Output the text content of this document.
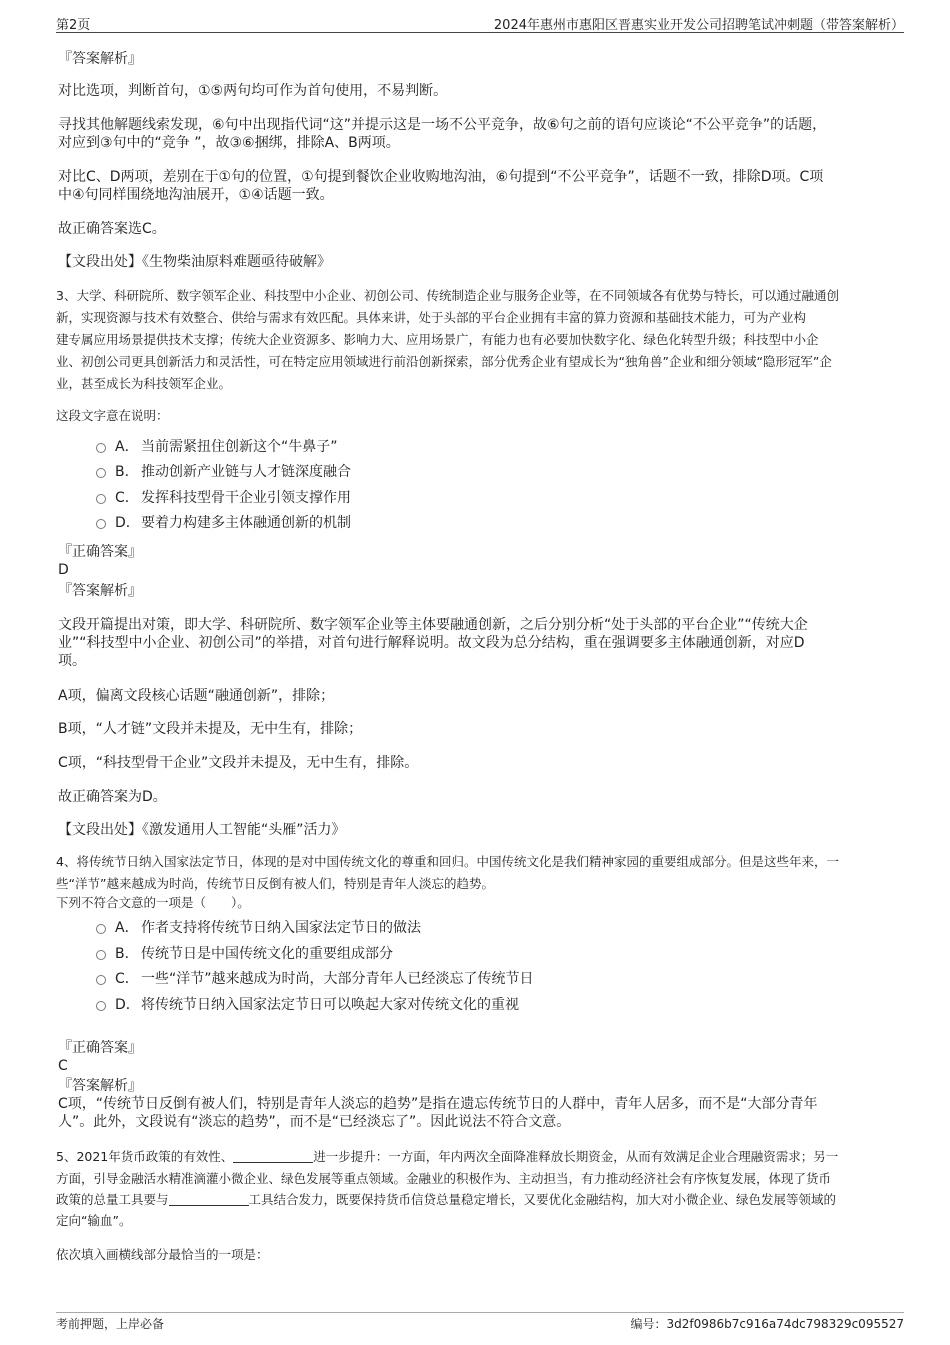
第2页	2024年惠州市惠阳区晋惠实业开发公司招聘笔试冲刺题（带答案解析）
『答案解析』
对比选项，判断首句，①⑤两句均可作为首句使用，不易判断。
寻找其他解题线索发现，⑥句中出现指代词“这”并提示这是一场不公平竞争，故⑥句之前的语句应谈论“不公平竞争”的话题，
对应到③句中的“竞争 ”，故③⑥捆绑，排除A、B两项。
对比C、D两项，差别在于①句的位置，①句提到餐饮企业收购地沟油，⑥句提到“不公平竞争”，话题不一致，排除D项。C项
中④句同样围绕地沟油展开，①④话题一致。
故正确答案选C。
【文段出处】《生物柴油原料难题亟待破解》
3、大学、科研院所、数字领军企业、科技型中小企业、初创公司、传统制造企业与服务企业等，在不同领域各有优势与特长，可以通过融通创
新，实现资源与技术有效整合、供给与需求有效匹配。具体来讲，处于头部的平台企业拥有丰富的算力资源和基础技术能力，可为产业构
建专属应用场景提供技术支撑；传统大企业资源多、影响力大、应用场景广，有能力也有必要加快数字化、绿色化转型升级；科技型中小企
业、初创公司更具创新活力和灵活性，可在特定应用领域进行前沿创新探索，部分优秀企业有望成长为“独角兽”企业和细分领域“隐形冠军”企
业，甚至成长为科技领军企业。
这段文字意在说明：
A． 当前需紧扭住创新这个“牛鼻子”
B． 推动创新产业链与人才链深度融合
C． 发挥科技型骨干企业引领支撑作用
D．要着力构建多主体融通创新的机制
『正确答案』
D
『答案解析』
文段开篇提出对策，即大学、科研院所、数字领军企业等主体要融通创新，之后分别分析“处于头部的平台企业”“传统大企
业”“科技型中小企业、初创公司”的举措，对首句进行解释说明。故文段为总分结构，重在强调要多主体融通创新，对应D
项。
A项，偏离文段核心话题“融通创新”，排除；
B项，“人才链”文段并未提及，无中生有，排除；
C项，“科技型骨干企业”文段并未提及，无中生有，排除。
故正确答案为D。
【文段出处】《激发通用人工智能“头雁”活力》
4、将传统节日纳入国家法定节日，体现的是对中国传统文化的尊重和回归。中国传统文化是我们精神家园的重要组成部分。但是这些年来，一
些“洋节”越来越成为时尚，传统节日反倒有被人们，特别是青年人淡忘的趋势。
下列不符合文意的一项是（　　）。
A． 作者支持将传统节日纳入国家法定节日的做法
B． 传统节日是中国传统文化的重要组成部分
C． 一些“洋节”越来越成为时尚，大部分青年人已经淡忘了传统节日
D．将传统节日纳入国家法定节日可以唤起大家对传统文化的重视
『正确答案』
C
『答案解析』
C项，“传统节日反倒有被人们，特别是青年人淡忘的趋势”是指在遗忘传统节日的人群中，青年人居多，而不是“大部分青年
人”。此外，文段说有“淡忘的趋势”，而不是“已经淡忘了”。因此说法不符合文意。
5、2021年货币政策的有效性、	进一步提升：一方面，年内两次全面降准释放长期资金，从而有效满足企业合理融资需求；另一
方面，引导金融活水精准滴灌小微企业、绿色发展等重点领域。金融业的积极作为、主动担当，有力推动经济社会有序恢复发展，体现了货币
政策的总量工具要与	工具结合发力，既要保持货币信贷总量稳定增长，又要优化金融结构，加大对小微企业、绿色发展等领域的
定向“输血”。
依次填入画横线部分最恰当的一项是：
考前押题，上岸必备	编号：3d2f0986b7c916a74dc798329c095527
